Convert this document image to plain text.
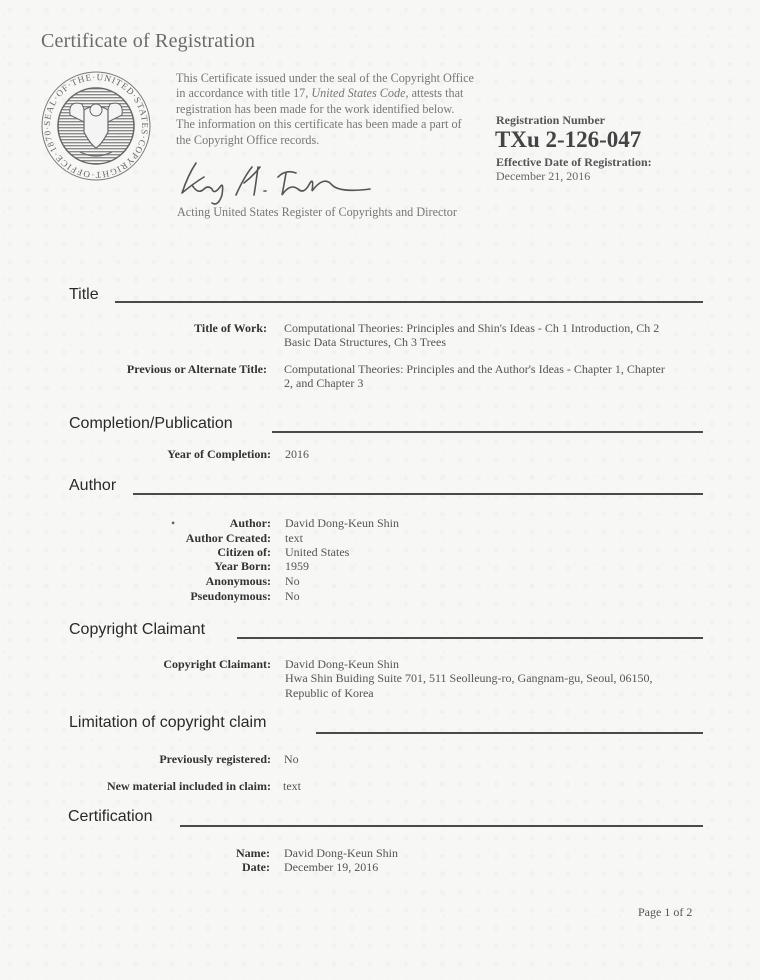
Certificate of Registration
SEAL·OF·THE·UNITED·STATES·COPYRIGHT·OFFICE·1870·
This Certificate issued under the seal of the Copyright Office in accordance with title 17, United States Code, attests that registration has been made for the work identified below. The information on this certificate has been made a part of the Copyright Office records.
Acting United States Register of Copyrights and Director
Registration Number
TXu 2-126-047
Effective Date of Registration:
December 21, 2016
Title
Title of Work: Computational Theories: Principles and Shin's Ideas - Ch 1 Introduction, Ch 2
Basic Data Structures, Ch 3 Trees
Previous or Alternate Title: Computational Theories: Principles and the Author's Ideas - Chapter 1, Chapter
2, and Chapter 3
Completion/Publication
Year of Completion: 2016
Author
•	Author: David Dong-Keun Shin
Author Created: text
Citizen of: United States
Year Born: 1959
Anonymous: No
Pseudonymous: No
Copyright Claimant
Copyright Claimant: David Dong-Keun Shin
Hwa Shin Buiding Suite 701, 511 Seolleung-ro, Gangnam-gu, Seoul, 06150,
Republic of Korea
Limitation of copyright claim
Previously registered: No
New material included in claim: text
Certification
Name: David Dong-Keun Shin
Date: December 19, 2016
Page 1 of 2
